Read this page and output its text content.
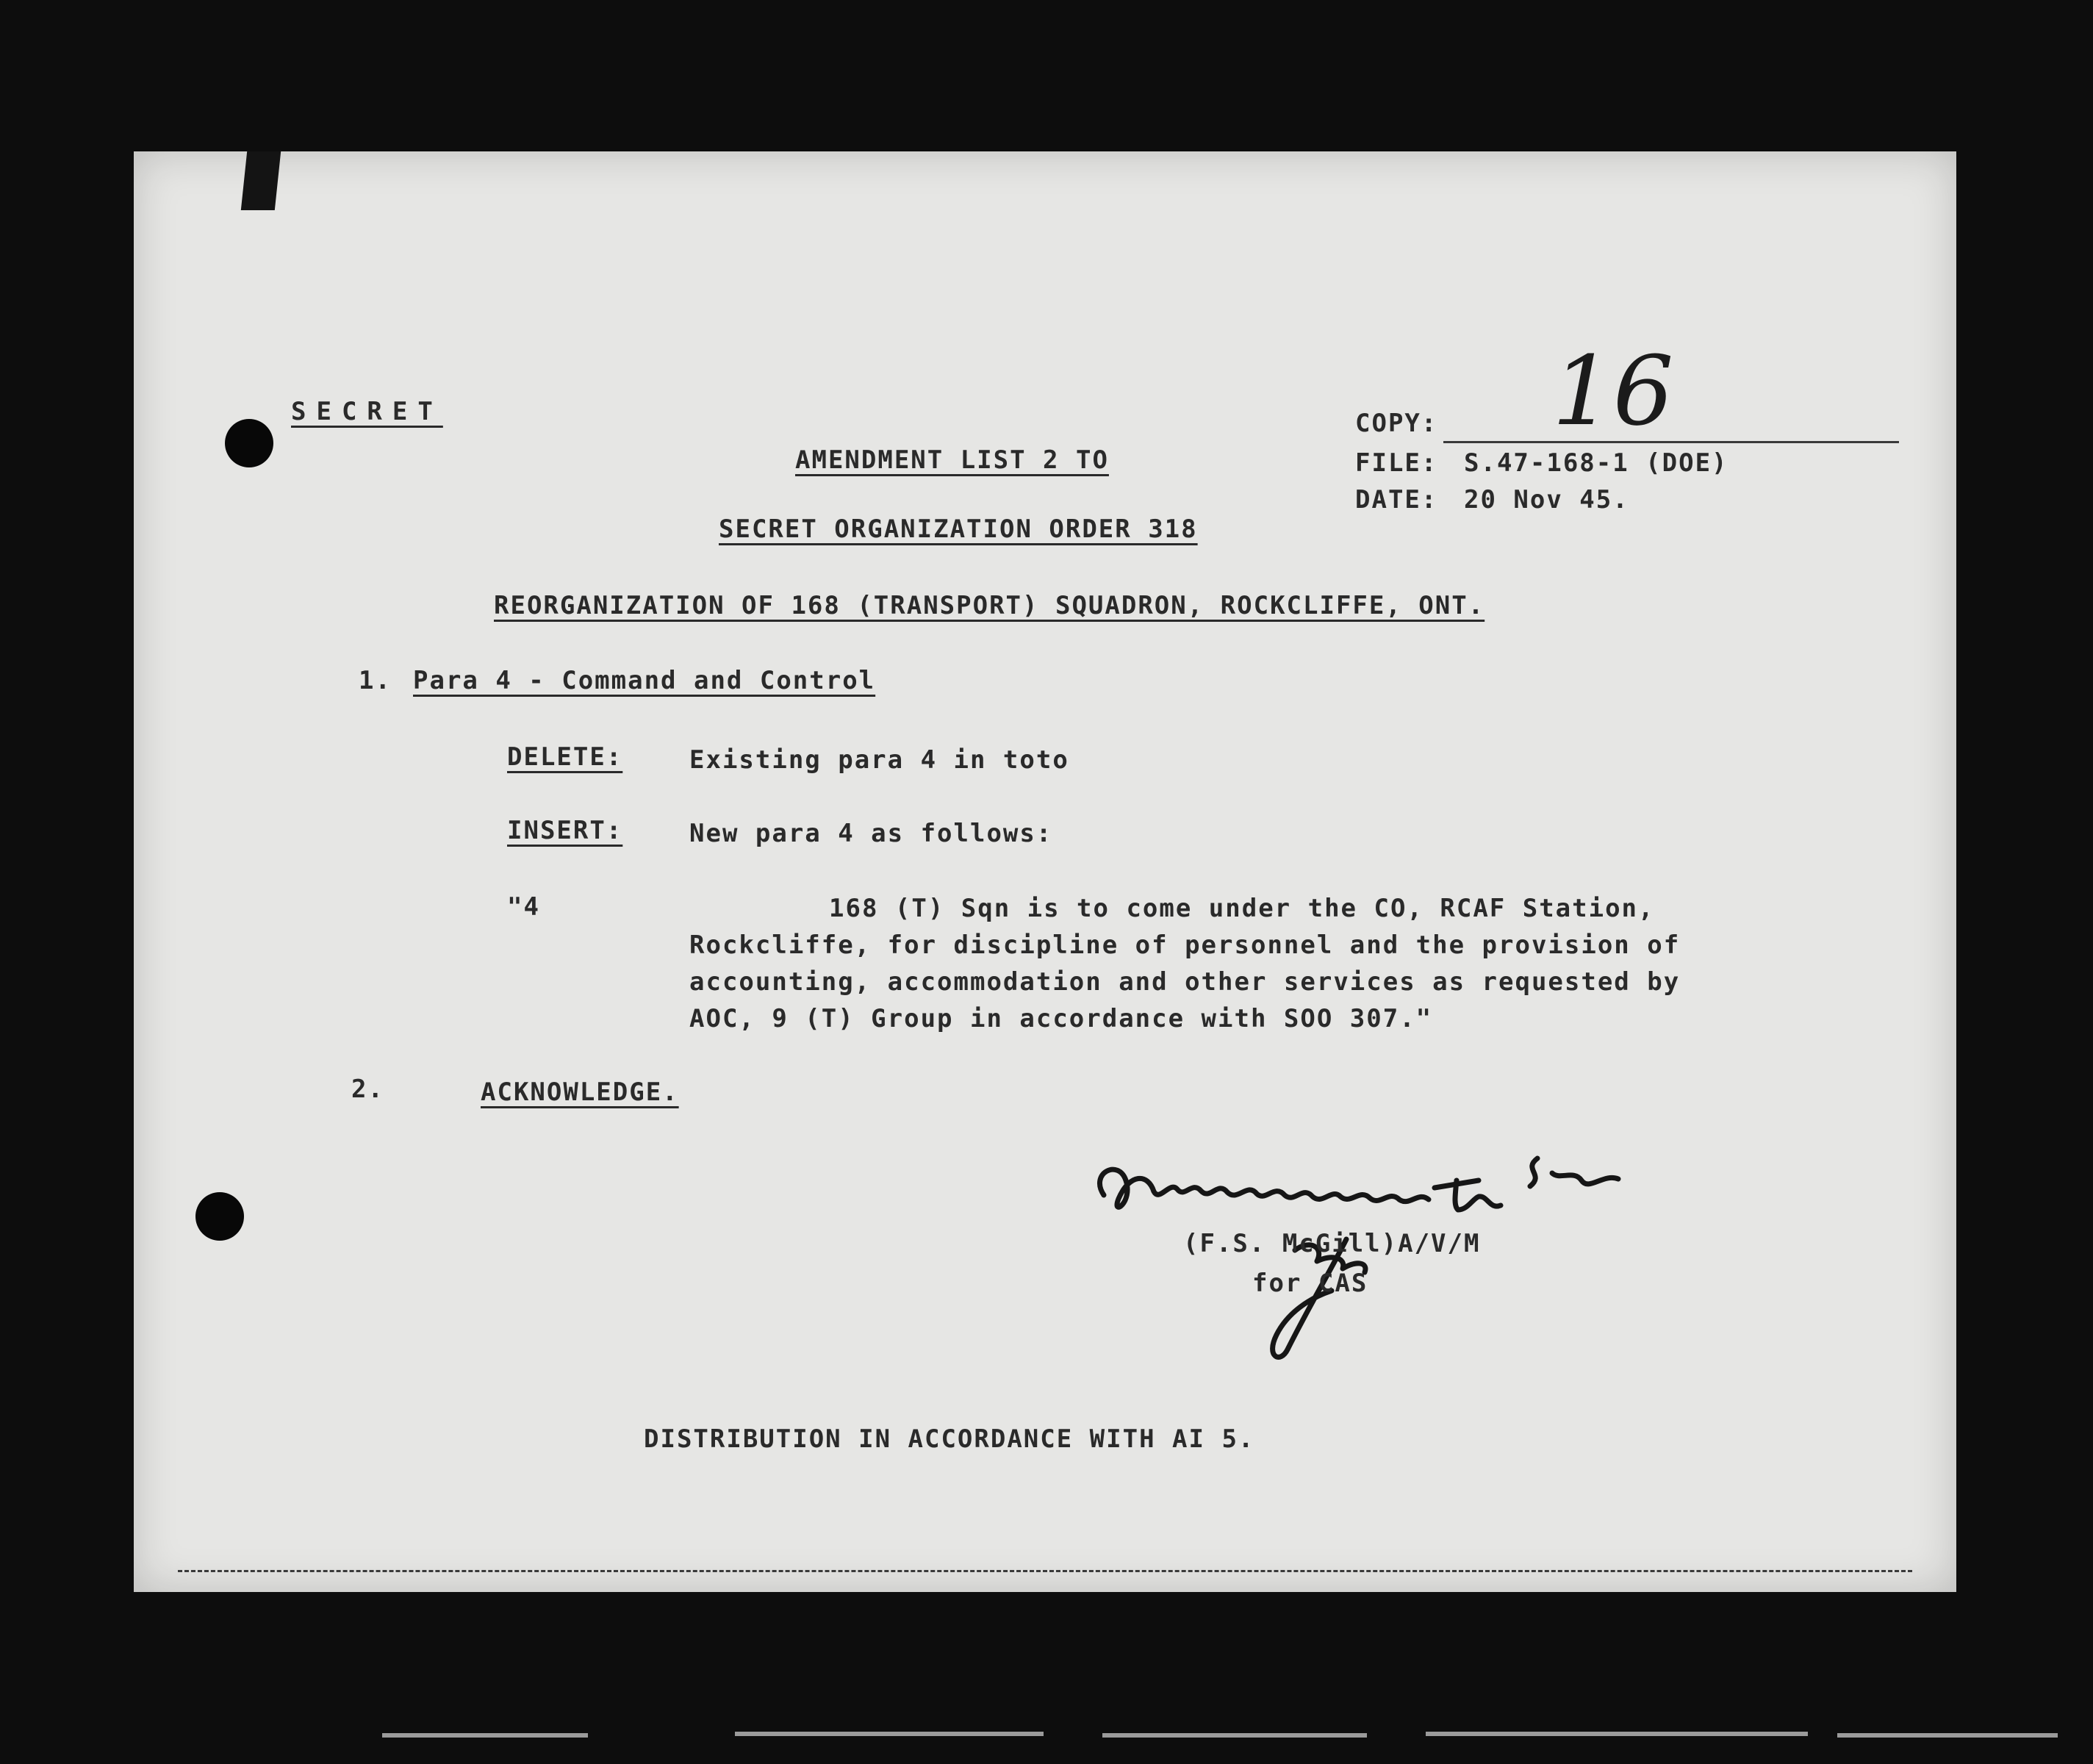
SECRET	COPY: 16
FILE: S.47-168-1 (DOE)
DATE: 20 Nov 45.
AMENDMENT LIST 2 TO
SECRET ORGANIZATION ORDER 318
REORGANIZATION OF 168 (TRANSPORT) SQUADRON, ROCKCLIFFE, ONT.
1. Para 4 - Command and Control
DELETE:	Existing para 4 in toto
INSERT:	New para 4 as follows:
"4	168 (T) Sqn is to come under the CO, RCAF Station,
Rockcliffe, for discipline of personnel and the provision of
accounting, accommodation and other services as requested by
AOC, 9 (T) Group in accordance with SOO 307."
2.	ACKNOWLEDGE.
(F.S. McGill)A/V/M
for CAS
DISTRIBUTION IN ACCORDANCE WITH AI 5.
